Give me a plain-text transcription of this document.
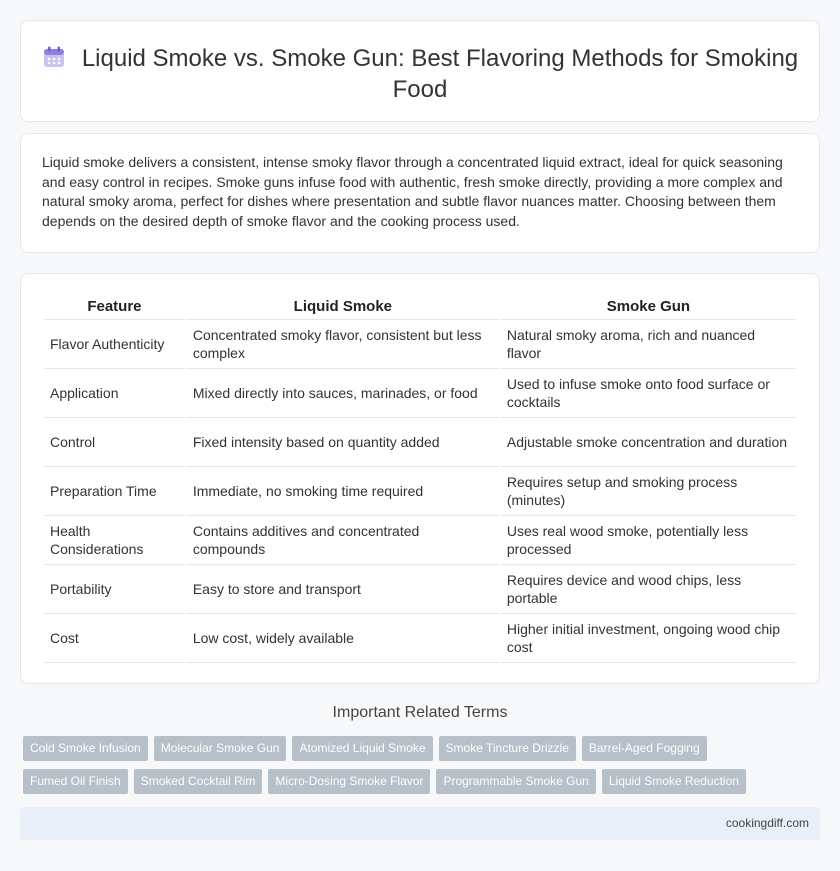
Liquid Smoke vs. Smoke Gun: Best Flavoring Methods for Smoking Food

Liquid smoke delivers a consistent, intense smoky flavor through a concentrated liquid extract, ideal for quick seasoning and easy control in recipes. Smoke guns infuse food with authentic, fresh smoke directly, providing a more complex and natural smoky aroma, perfect for dishes where presentation and subtle flavor nuances matter. Choosing between them depends on the desired depth of smoke flavor and the cooking process used.

Feature	Liquid Smoke	Smoke Gun
Flavor Authenticity	Concentrated smoky flavor, consistent but less complex	Natural smoky aroma, rich and nuanced flavor
Application	Mixed directly into sauces, marinades, or food	Used to infuse smoke onto food surface or cocktails
Control	Fixed intensity based on quantity added	Adjustable smoke concentration and duration
Preparation Time	Immediate, no smoking time required	Requires setup and smoking process (minutes)
Health Considerations	Contains additives and concentrated compounds	Uses real wood smoke, potentially less processed
Portability	Easy to store and transport	Requires device and wood chips, less portable
Cost	Low cost, widely available	Higher initial investment, ongoing wood chip cost
Important Related Terms
Cold Smoke Infusion	Molecular Smoke Gun	Atomized Liquid Smoke	Smoke Tincture Drizzle	Barrel-Aged Fogging
Fumed Oil Finish	Smoked Cocktail Rim	Micro-Dosing Smoke Flavor	Programmable Smoke Gun	Liquid Smoke Reduction
cookingdiff.com
